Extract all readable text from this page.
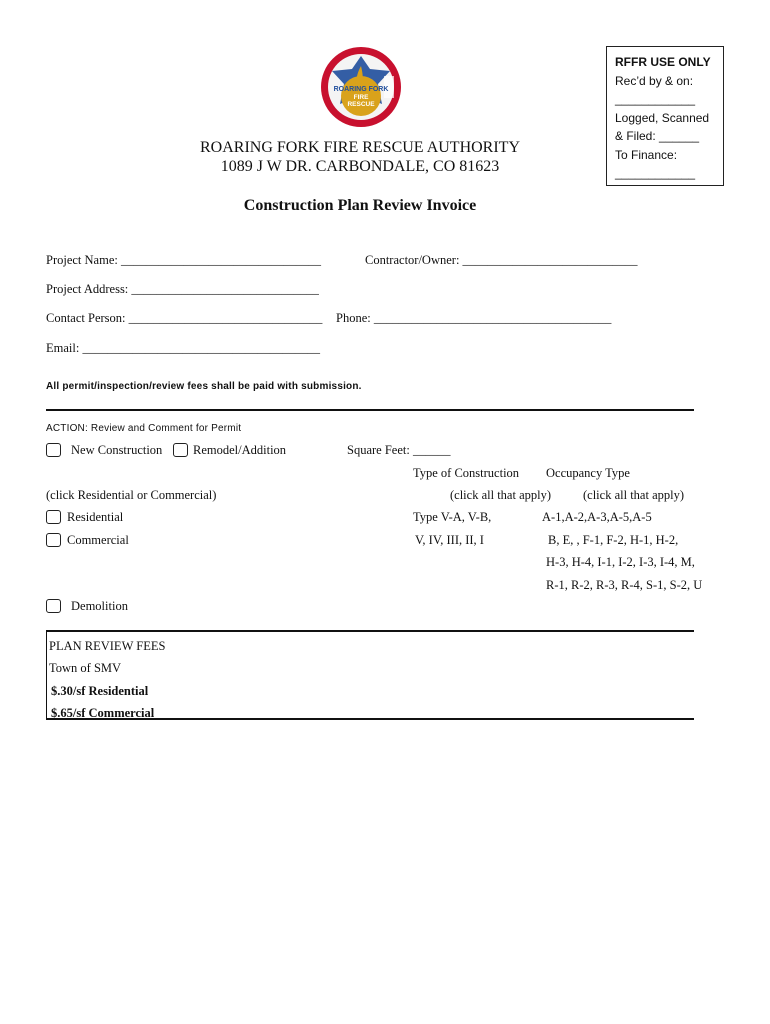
ROARING FORK
FIRE
RESCUE
ROARING FORK FIRE RESCUE AUTHORITY
1089 J W DR. CARBONDALE, CO 81623
Construction Plan Review Invoice
RFFR USE ONLY
Rec’d by & on:
____________
Logged, Scanned
& Filed: ______
To Finance:
____________
Project Name: ________________________________	Contractor/Owner: ____________________________
Project Address: ______________________________
Contact Person: _______________________________ Phone: ______________________________________
Email: ______________________________________
All permit/inspection/review fees shall be paid with submission.
ACTION: Review and Comment for Permit
New Construction Remodel/Addition	Square Feet: ______
Type of Construction Occupancy Type
(click Residential or Commercial)	(click all that apply)	(click all that apply)
Residential	Type V-A, V-B,	A-1,A-2,A-3,A-5,A-5
Commercial	V, IV, III, II, I	B, E, , F-1, F-2, H-1, H-2,
H-3, H-4, I-1, I-2, I-3, I-4, M,
R-1, R-2, R-3, R-4, S-1, S-2, U
Demolition
PLAN REVIEW FEES
Town of SMV
$.30/sf Residential
$.65/sf Commercial
